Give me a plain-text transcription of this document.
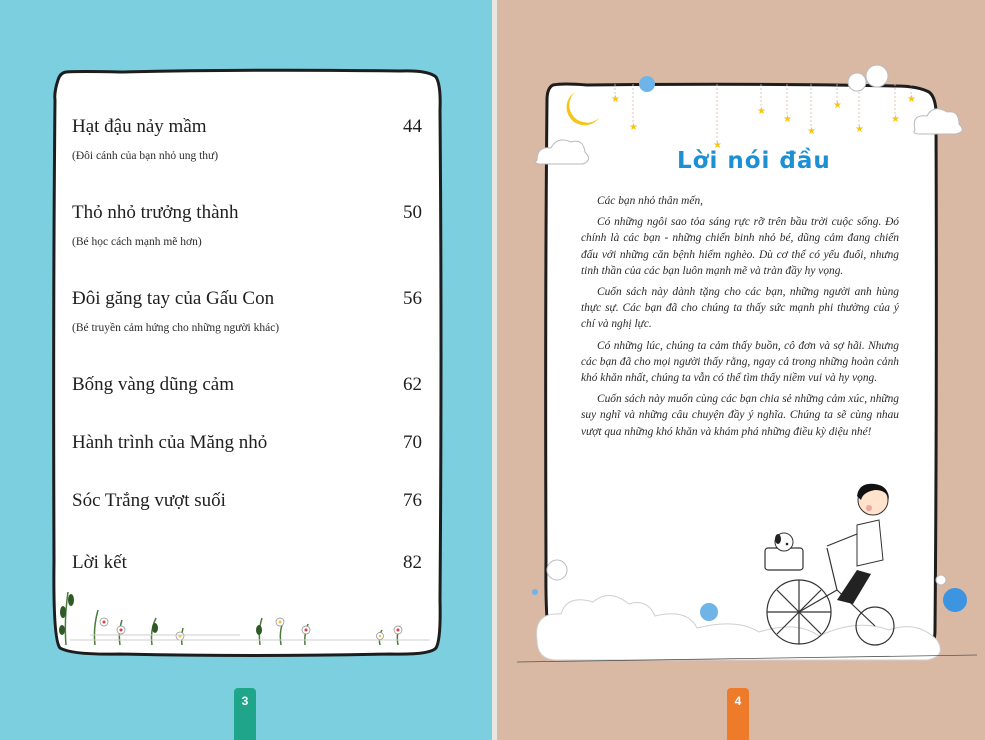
Hạt đậu nảy mầm	44
(Đôi cánh của bạn nhỏ ung thư)
Thỏ nhỏ trưởng thành	50
(Bé học cách mạnh mẽ hơn)
Đôi găng tay của Gấu Con	56
(Bé truyền cảm hứng cho những người khác)
Bống vàng dũng cảm	62
Hành trình của Măng nhỏ	70
Sóc Trắng vượt suối	76
Lời kết	82
3
★
★
★
★
★
★
★
★
★
★
Lời nói đầu

Các bạn nhỏ thân mến,

Có những ngôi sao tỏa sáng rực rỡ trên bầu trời cuộc sống. Đó chính là các bạn - những chiến binh nhỏ bé, dũng cảm đang chiến đấu với những căn bệnh hiểm nghèo. Dù cơ thể có yếu đuối, nhưng tinh thần của các bạn luôn mạnh mẽ và tràn đầy hy vọng.

Cuốn sách này dành tặng cho các bạn, những người anh hùng thực sự. Các bạn đã cho chúng ta thấy sức mạnh phi thường của ý chí và nghị lực.

Có những lúc, chúng ta cảm thấy buồn, cô đơn và sợ hãi. Nhưng các bạn đã cho mọi người thấy rằng, ngay cả trong những hoàn cảnh khó khăn nhất, chúng ta vẫn có thể tìm thấy niềm vui và hy vọng.

Cuốn sách này muốn cùng các bạn chia sẻ những cảm xúc, những suy nghĩ và những câu chuyện đầy ý nghĩa. Chúng ta sẽ cùng nhau vượt qua những khó khăn và khám phá những điều kỳ diệu nhé!

4
